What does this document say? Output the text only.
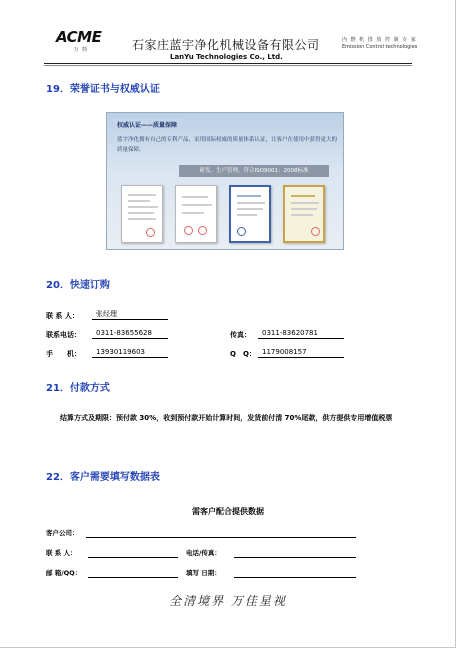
ACME
万 特	石家庄蓝宇净化机械设备有限公司
LanYu Technologies Co., Ltd.
内 燃 机 排 放 控 制 专 家
Emission Control technologies
19．荣誉证书与权威认证
权威认证——质量保障
蓝宇净化拥有自己的专利产品，采用国际权威的质量体系认证，让客户在使用中获得更大的质量保障。
研发、生产管理，符合ISO9001：2008标准
20．快速订购
联 系 人：	张经理
联系电话：	0311-83655628	传真：	0311-83620781
手　　机：	13930119603	Q　Q： 1179008157
21．付款方式
结算方式及期限：预付款 30%，收到预付款开始计算时间，发货前付清 70%尾款，供方提供专用增值税票
22．客户需要填写数据表
需客户配合提供数据
客户公司：
联 系 人：	电话/传真：
邮 箱/QQ：	填写 日期：
全清境界 万佳星视
